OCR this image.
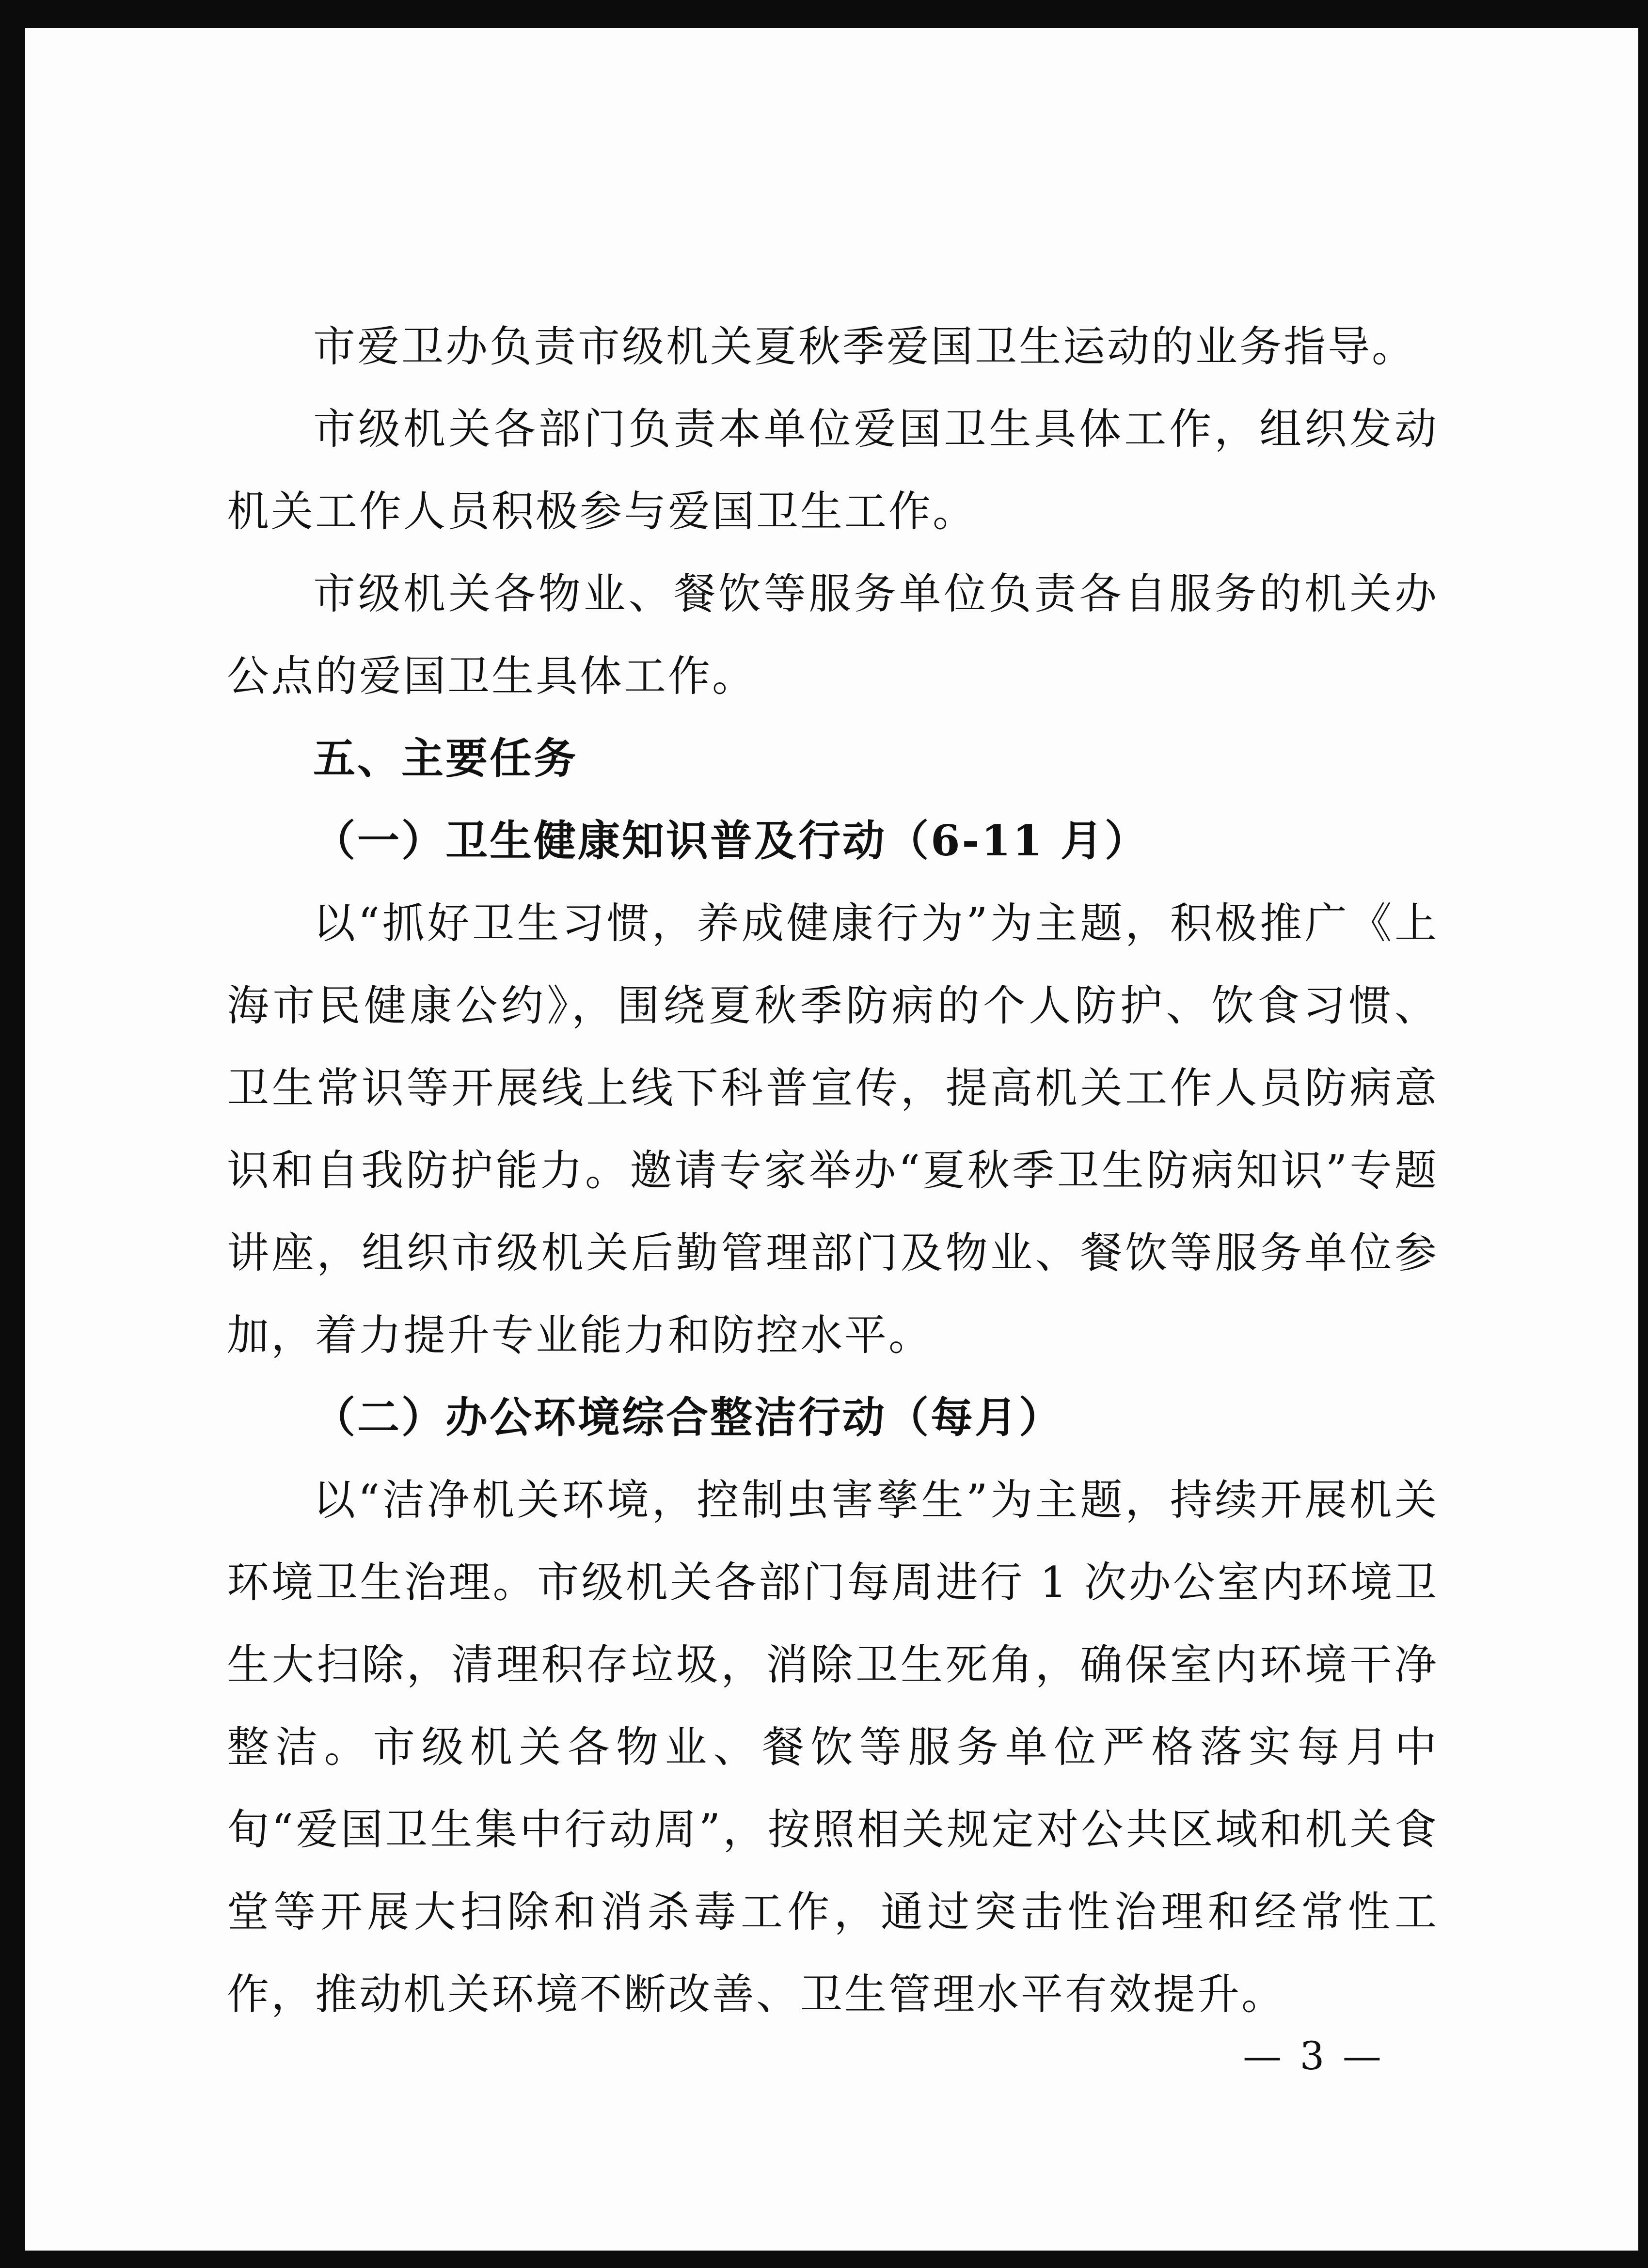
市爱卫办负责市级机关夏秋季爱国卫生运动的业务指导。

市级机关各部门负责本单位爱国卫生具体工作，组织发动机关工作人员积极参与爱国卫生工作。

市级机关各物业、餐饮等服务单位负责各自服务的机关办公点的爱国卫生具体工作。

五、主要任务

（一）卫生健康知识普及行动（6-11 月）

以“抓好卫生习惯，养成健康行为”为主题，积极推广《上海市民健康公约》，围绕夏秋季防病的个人防护、饮食习惯、卫生常识等开展线上线下科普宣传，提高机关工作人员防病意识和自我防护能力。邀请专家举办“夏秋季卫生防病知识”专题讲座，组织市级机关后勤管理部门及物业、餐饮等服务单位参加，着力提升专业能力和防控水平。

（二）办公环境综合整洁行动（每月）

以“洁净机关环境，控制虫害孳生”为主题，持续开展机关环境卫生治理。市级机关各部门每周进行 1 次办公室内环境卫生大扫除，清理积存垃圾，消除卫生死角，确保室内环境干净整洁。市级机关各物业、餐饮等服务单位严格落实每月中旬“爱国卫生集中行动周”，按照相关规定对公共区域和机关食堂等开展大扫除和消杀毒工作，通过突击性治理和经常性工作，推动机关环境不断改善、卫生管理水平有效提升。

— 3 —
